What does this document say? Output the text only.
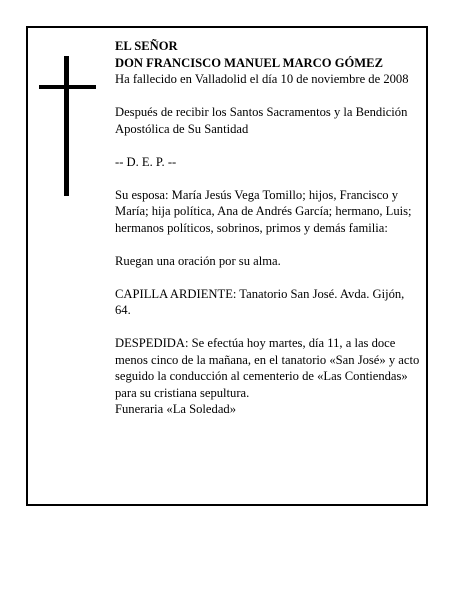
EL SEÑOR

DON FRANCISCO MANUEL MARCO GÓMEZ

Ha fallecido en Valladolid el día 10 de noviembre de 2008

Después de recibir los Santos Sacramentos y la Bendición Apostólica de Su Santidad

-- D. E. P. --

Su esposa: María Jesús Vega Tomillo; hijos, Francisco y María; hija política, Ana de Andrés García; hermano, Luis; hermanos políticos, sobrinos, primos y demás familia:

Ruegan una oración por su alma.

CAPILLA ARDIENTE: Tanatorio San José. Avda. Gijón, 64.

DESPEDIDA: Se efectúa hoy martes, día 11, a las doce menos cinco de la mañana, en el tanatorio «San José» y acto seguido la conducción al cementerio de «Las Contiendas» para su cristiana sepultura.

Funeraria «La Soledad»
